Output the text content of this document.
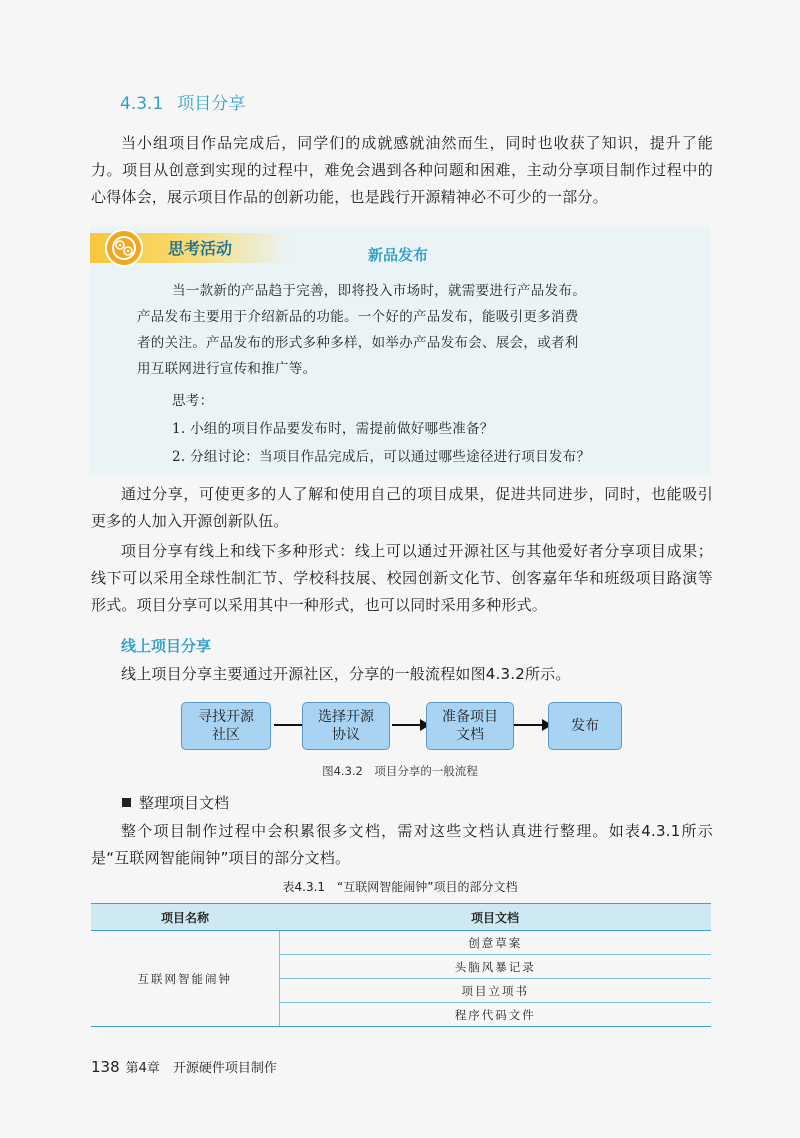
4.3.1 项目分享
当小组项目作品完成后，同学们的成就感就油然而生，同时也收获了知识，提升了能力。项目从创意到实现的过程中，难免会遇到各种问题和困难，主动分享项目制作过程中的心得体会，展示项目作品的创新功能，也是践行开源精神必不可少的一部分。
思考活动	新品发布
当一款新的产品趋于完善，即将投入市场时，就需要进行产品发布。
产品发布主要用于介绍新品的功能。一个好的产品发布，能吸引更多消费
者的关注。产品发布的形式多种多样，如举办产品发布会、展会，或者利
用互联网进行宣传和推广等。
思考：
1. 小组的项目作品要发布时，需提前做好哪些准备？
2. 分组讨论：当项目作品完成后，可以通过哪些途径进行项目发布？
通过分享，可使更多的人了解和使用自己的项目成果，促进共同进步，同时，也能吸引更多的人加入开源创新队伍。
项目分享有线上和线下多种形式：线上可以通过开源社区与其他爱好者分享项目成果；线下可以采用全球性制汇节、学校科技展、校园创新文化节、创客嘉年华和班级项目路演等形式。项目分享可以采用其中一种形式，也可以同时采用多种形式。
线上项目分享
线上项目分享主要通过开源社区，分享的一般流程如图4.3.2所示。
寻找开源
社区
选择开源
协议
准备项目
文档
发布
图4.3.2　项目分享的一般流程
整理项目文档
整个项目制作过程中会积累很多文档，需对这些文档认真进行整理。如表4.3.1所示是“互联网智能闹钟”项目的部分文档。
表4.3.1　“互联网智能闹钟”项目的部分文档
项目名称	项目文档
互联网智能闹钟	创意草案
	头脑风暴记录
	项目立项书
	程序代码文件
138 第4章　开源硬件项目制作
